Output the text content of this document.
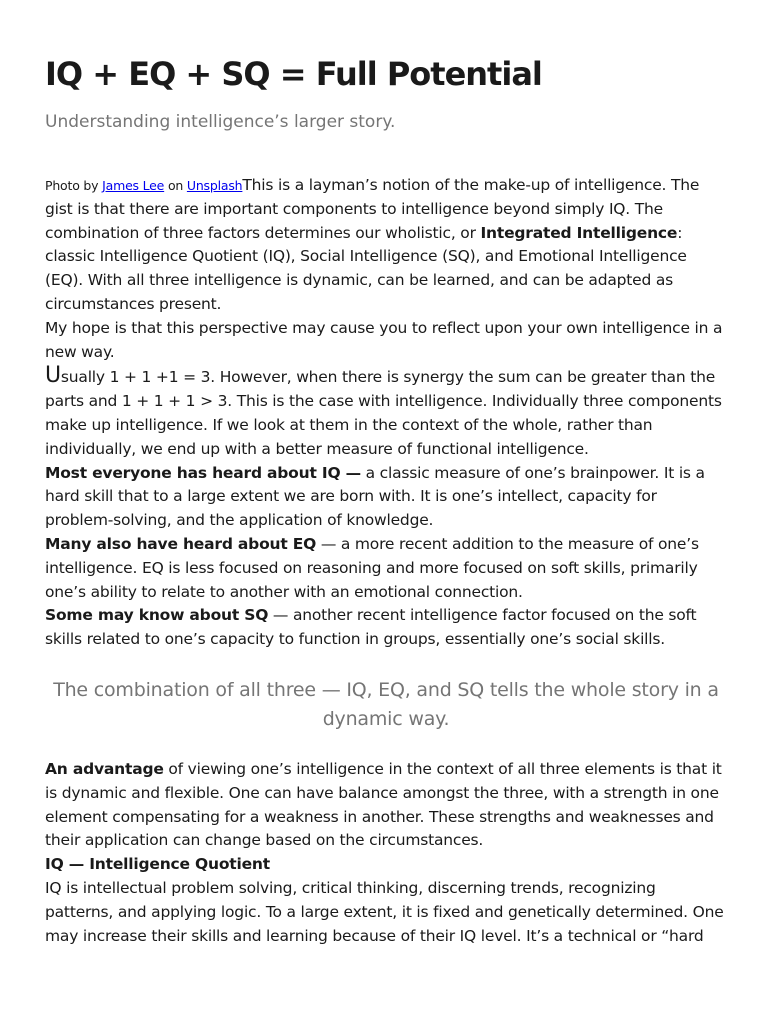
IQ + EQ + SQ = Full Potential

Understanding intelligence’s larger story.

Photo by James Lee on UnsplashThis is a layman’s notion of the make-up of intelligence. The gist is that there are important components to intelligence beyond simply IQ. The combination of three factors determines our wholistic, or Integrated Intelligence: classic Intelligence Quotient (IQ), Social Intelligence (SQ), and Emotional Intelligence (EQ). With all three intelligence is dynamic, can be learned, and can be adapted as circumstances present.

My hope is that this perspective may cause you to reflect upon your own intelligence in a new way.

Usually 1 + 1 +1 = 3. However, when there is synergy the sum can be greater than the parts and 1 + 1 + 1 > 3. This is the case with intelligence. Individually three components make up intelligence. If we look at them in the context of the whole, rather than individually, we end up with a better measure of functional intelligence.

Most everyone has heard about IQ — a classic measure of one’s brainpower. It is a hard skill that to a large extent we are born with. It is one’s intellect, capacity for problem-solving, and the application of knowledge.

Many also have heard about EQ — a more recent addition to the measure of one’s intelligence. EQ is less focused on reasoning and more focused on soft skills, primarily one’s ability to relate to another with an emotional connection.

Some may know about SQ — another recent intelligence factor focused on the soft skills related to one’s capacity to function in groups, essentially one’s social skills.

The combination of all three — IQ, EQ, and SQ tells the whole story in a dynamic way.

An advantage of viewing one’s intelligence in the context of all three elements is that it is dynamic and flexible. One can have balance amongst the three, with a strength in one element compensating for a weakness in another. These strengths and weaknesses and their application can change based on the circumstances.

IQ — Intelligence Quotient

IQ is intellectual problem solving, critical thinking, discerning trends, recognizing patterns, and applying logic. To a large extent, it is fixed and genetically determined. One may increase their skills and learning because of their IQ level. It’s a technical or “hard
